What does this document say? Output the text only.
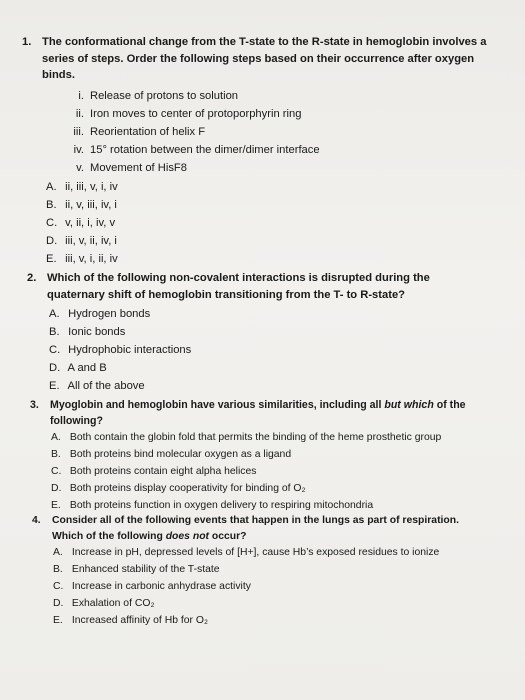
1. The conformational change from the T-state to the R-state in hemoglobin involves a series of steps. Order the following steps based on their occurrence after oxygen binds.
i. Release of protons to solution
ii. Iron moves to center of protoporphyrin ring
iii. Reorientation of helix F
iv. 15° rotation between the dimer/dimer interface
v. Movement of HisF8
A. ii, iii, v, i, iv
B. ii, v, iii, iv, i
C. v, ii, i, iv, v
D. iii, v, ii, iv, i
E. iii, v, i, ii, iv
2. Which of the following non-covalent interactions is disrupted during the quaternary shift of hemoglobin transitioning from the T- to R-state?
A. Hydrogen bonds
B. Ionic bonds
C. Hydrophobic interactions
D. A and B
E. All of the above
3. Myoglobin and hemoglobin have various similarities, including all but which of the following?
A. Both contain the globin fold that permits the binding of the heme prosthetic group
B. Both proteins bind molecular oxygen as a ligand
C. Both proteins contain eight alpha helices
D. Both proteins display cooperativity for binding of O₂
E. Both proteins function in oxygen delivery to respiring mitochondria
4. Consider all of the following events that happen in the lungs as part of respiration. Which of the following does not occur?
A. Increase in pH, depressed levels of [H+], cause Hb’s exposed residues to ionize
B. Enhanced stability of the T-state
C. Increase in carbonic anhydrase activity
D. Exhalation of CO₂
E. Increased affinity of Hb for O₂
